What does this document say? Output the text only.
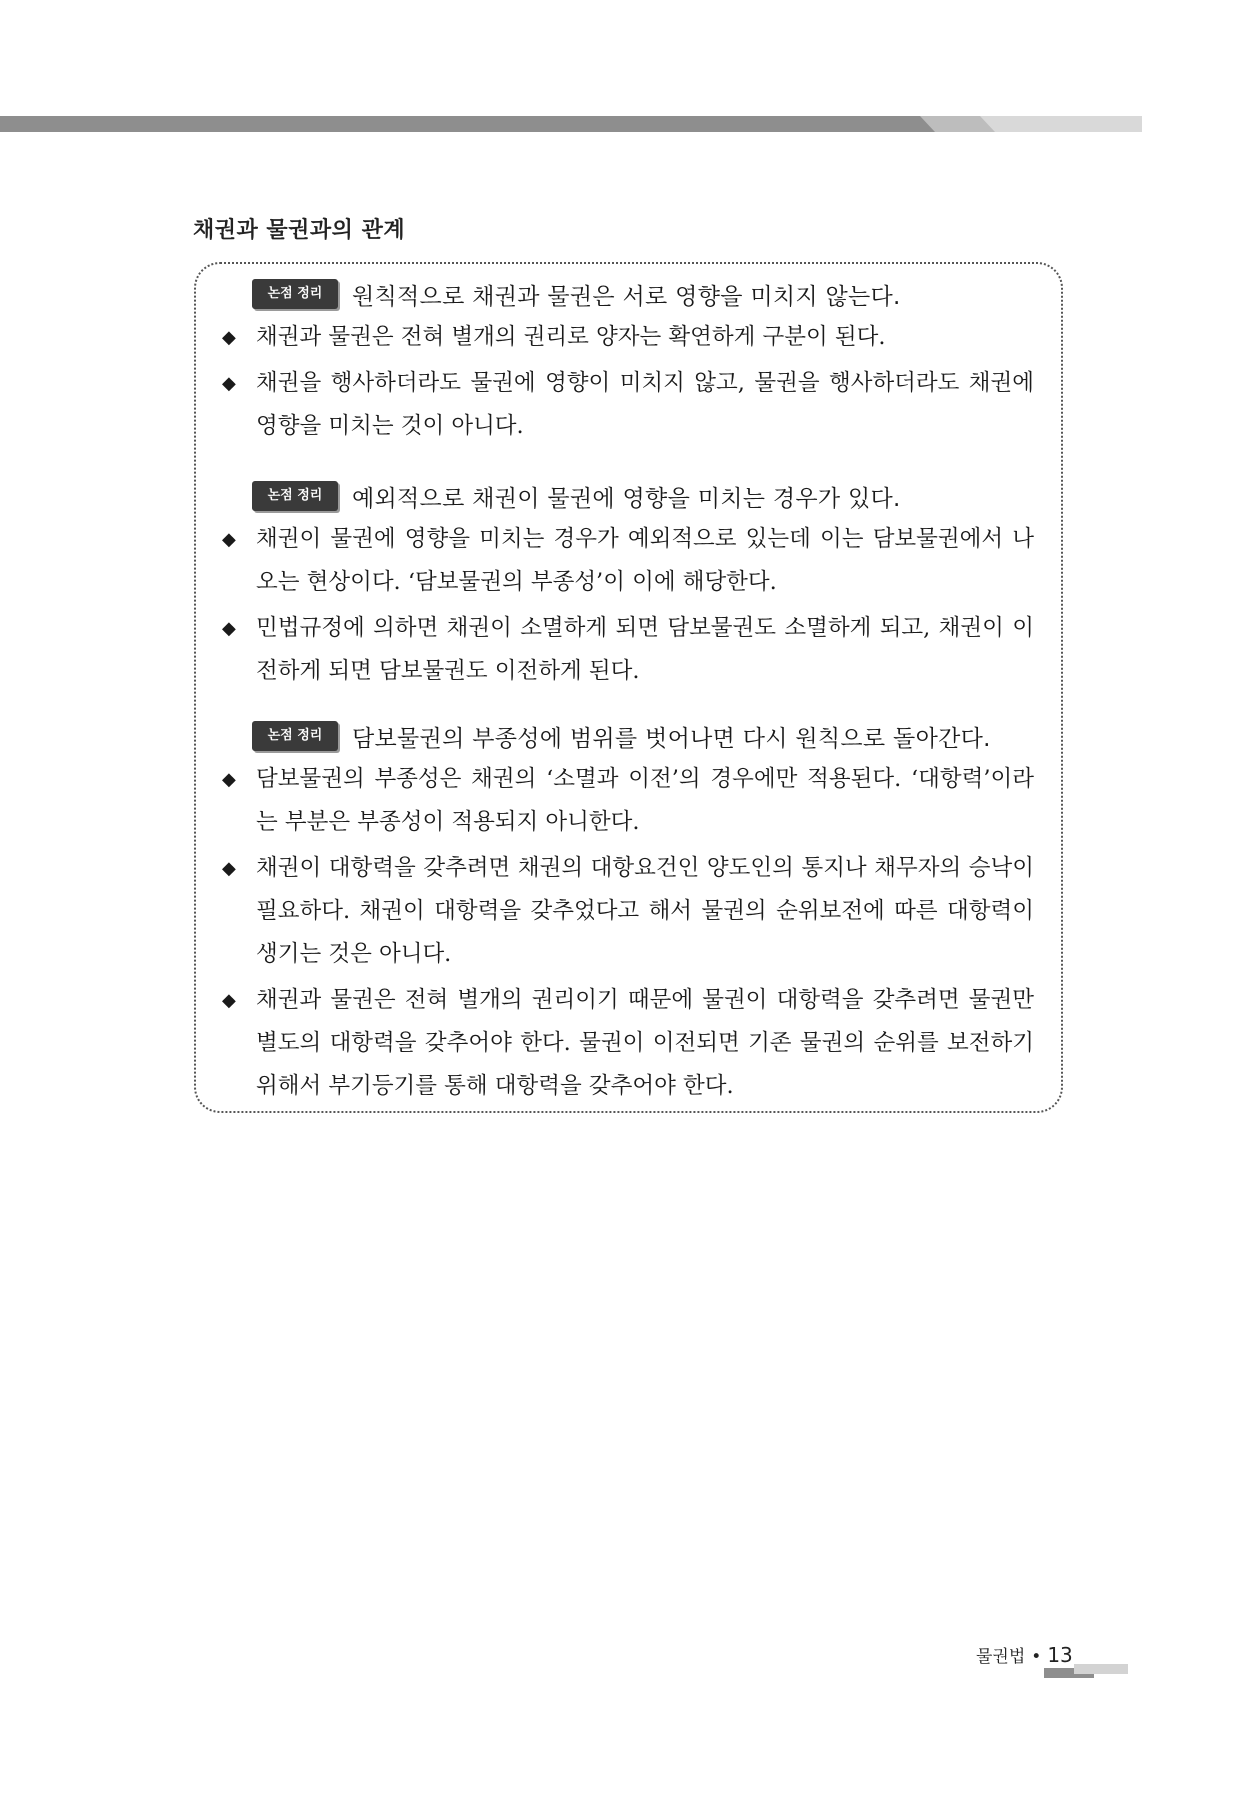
채권과 물권과의 관계
논점 정리	원칙적으로 채권과 물권은 서로 영향을 미치지 않는다.
◆ 채권과 물권은 전혀 별개의 권리로 양자는 확연하게 구분이 된다.
◆ 채권을 행사하더라도 물권에 영향이 미치지 않고, 물권을 행사하더라도 채권에 영향을 미치는 것이 아니다.
논점 정리	예외적으로 채권이 물권에 영향을 미치는 경우가 있다.
◆ 채권이 물권에 영향을 미치는 경우가 예외적으로 있는데 이는 담보물권에서 나오는 현상이다. ‘담보물권의 부종성’이 이에 해당한다.
◆ 민법규정에 의하면 채권이 소멸하게 되면 담보물권도 소멸하게 되고, 채권이 이전하게 되면 담보물권도 이전하게 된다.
논점 정리	담보물권의 부종성에 범위를 벗어나면 다시 원칙으로 돌아간다.
◆ 담보물권의 부종성은 채권의 ‘소멸과 이전’의 경우에만 적용된다. ‘대항력’이라는 부분은 부종성이 적용되지 아니한다.
◆ 채권이 대항력을 갖추려면 채권의 대항요건인 양도인의 통지나 채무자의 승낙이 필요하다. 채권이 대항력을 갖추었다고 해서 물권의 순위보전에 따른 대항력이 생기는 것은 아니다.
◆ 채권과 물권은 전혀 별개의 권리이기 때문에 물권이 대항력을 갖추려면 물권만 별도의 대항력을 갖추어야 한다. 물권이 이전되면 기존 물권의 순위를 보전하기 위해서 부기등기를 통해 대항력을 갖추어야 한다.
물권법 • 13
